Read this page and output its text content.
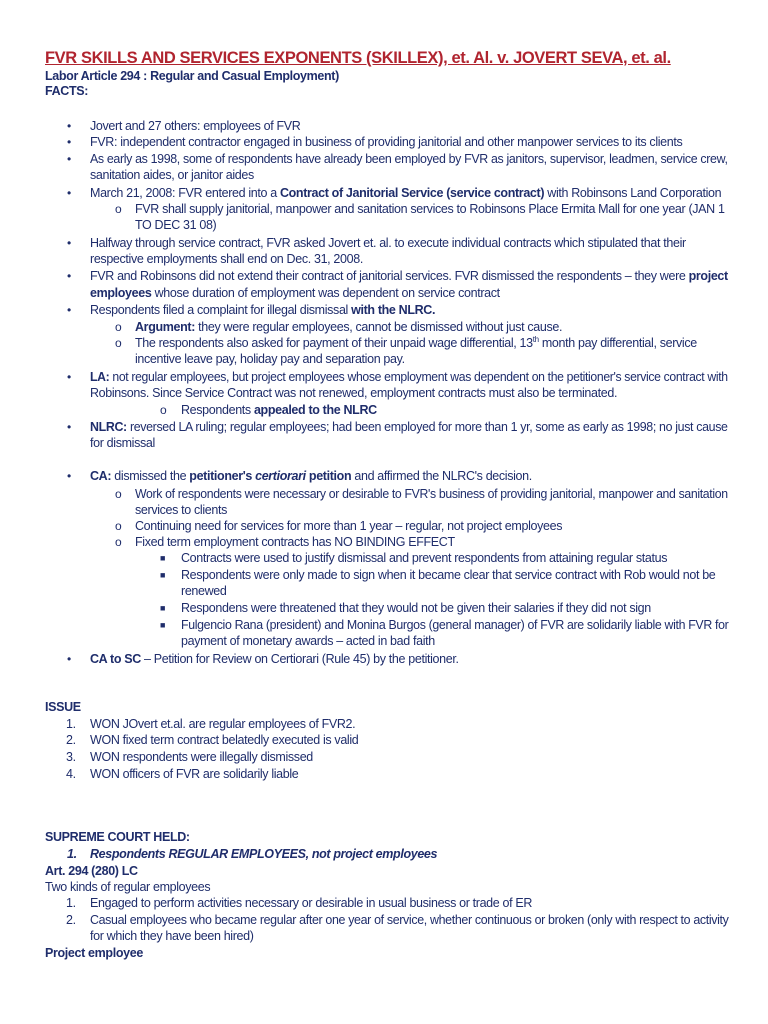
FVR SKILLS AND SERVICES EXPONENTS (SKILLEX), et. Al. v. JOVERT SEVA, et. al.
Labor Article 294 : Regular and Casual Employment)
FACTS:
• Jovert and 27 others: employees of FVR
• FVR: independent contractor engaged in business of providing janitorial and other manpower services to its clients
• As early as 1998, some of respondents have already been employed by FVR as janitors, supervisor, leadmen, service crew,
sanitation aides, or janitor aides
• March 21, 2008: FVR entered into a Contract of Janitorial Service (service contract) with Robinsons Land Corporation
o FVR shall supply janitorial, manpower and sanitation services to Robinsons Place Ermita Mall for one year (JAN 1
TO DEC 31 08)
• Halfway through service contract, FVR asked Jovert et. al. to execute individual contracts which stipulated that their
respective employments shall end on Dec. 31, 2008.
• FVR and Robinsons did not extend their contract of janitorial services. FVR dismissed the respondents – they were project
employees whose duration of employment was dependent on service contract
• Respondents filed a complaint for illegal dismissal with the NLRC.
o Argument: they were regular employees, cannot be dismissed without just cause.
o The respondents also asked for payment of their unpaid wage differential, 13th month pay differential, service
incentive leave pay, holiday pay and separation pay.
• LA: not regular employees, but project employees whose employment was dependent on the petitioner's service contract with
Robinsons. Since Service Contract was not renewed, employment contracts must also be terminated.
o Respondents appealed to the NLRC
• NLRC: reversed LA ruling; regular employees; had been employed for more than 1 yr, some as early as 1998; no just cause
for dismissal
• CA: dismissed the petitioner's certiorari petition and affirmed the NLRC's decision.
o Work of respondents were necessary or desirable to FVR's business of providing janitorial, manpower and sanitation
services to clients
o Continuing need for services for more than 1 year – regular, not project employees
o Fixed term employment contracts has NO BINDING EFFECT
■ Contracts were used to justify dismissal and prevent respondents from attaining regular status
■ Respondents were only made to sign when it became clear that service contract with Rob would not be
renewed
■ Respondens were threatened that they would not be given their salaries if they did not sign
■ Fulgencio Rana (president) and Monina Burgos (general manager) of FVR are solidarily liable with FVR for
payment of monetary awards – acted in bad faith
• CA to SC – Petition for Review on Certiorari (Rule 45) by the petitioner.
ISSUE
1. WON JOvert et.al. are regular employees of FVR2.
2. WON fixed term contract belatedly executed is valid
3. WON respondents were illegally dismissed
4. WON officers of FVR are solidarily liable
SUPREME COURT HELD:
1. Respondents REGULAR EMPLOYEES, not project employees
Art. 294 (280) LC
Two kinds of regular employees
1. Engaged to perform activities necessary or desirable in usual business or trade of ER
2. Casual employees who became regular after one year of service, whether continuous or broken (only with respect to activity
for which they have been hired)
Project employee
